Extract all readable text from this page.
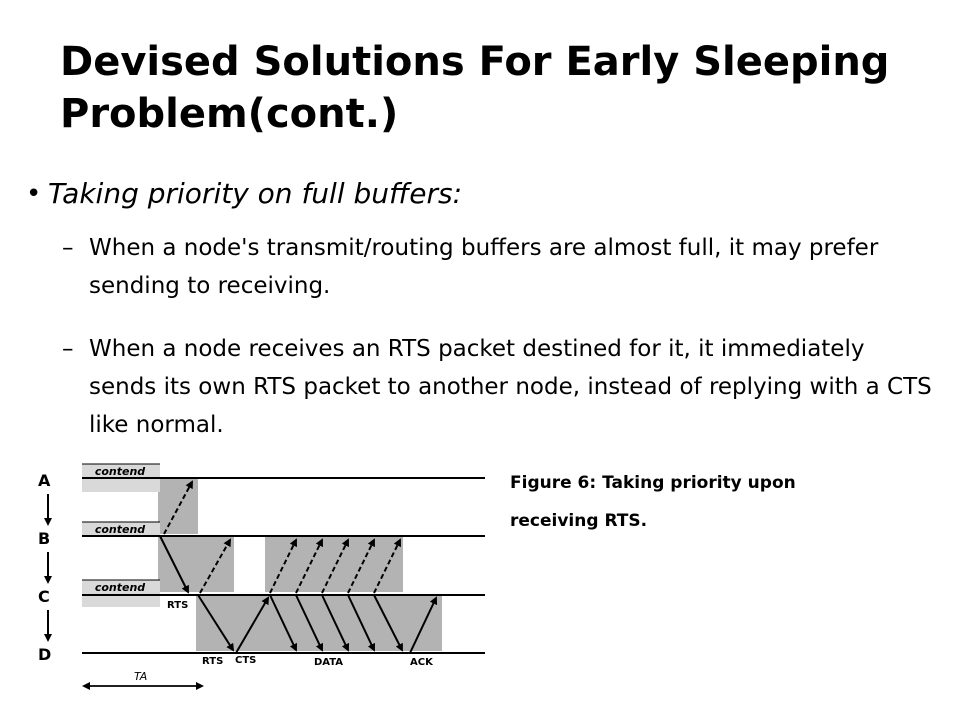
Devised Solutions For Early Sleeping Problem(cont.)
• Taking priority on full buffers:
– When a node's transmit/routing buffers are almost full, it may prefer sending to receiving.
– When a node receives an RTS packet destined for it, it immediately sends its own RTS packet to another node, instead of replying with a CTS like normal.
Figure 6: Taking priority upon receiving RTS.
contend
contend
contend
A
B
C
D
RTS
RTS CTS	DATA	ACK
TA
